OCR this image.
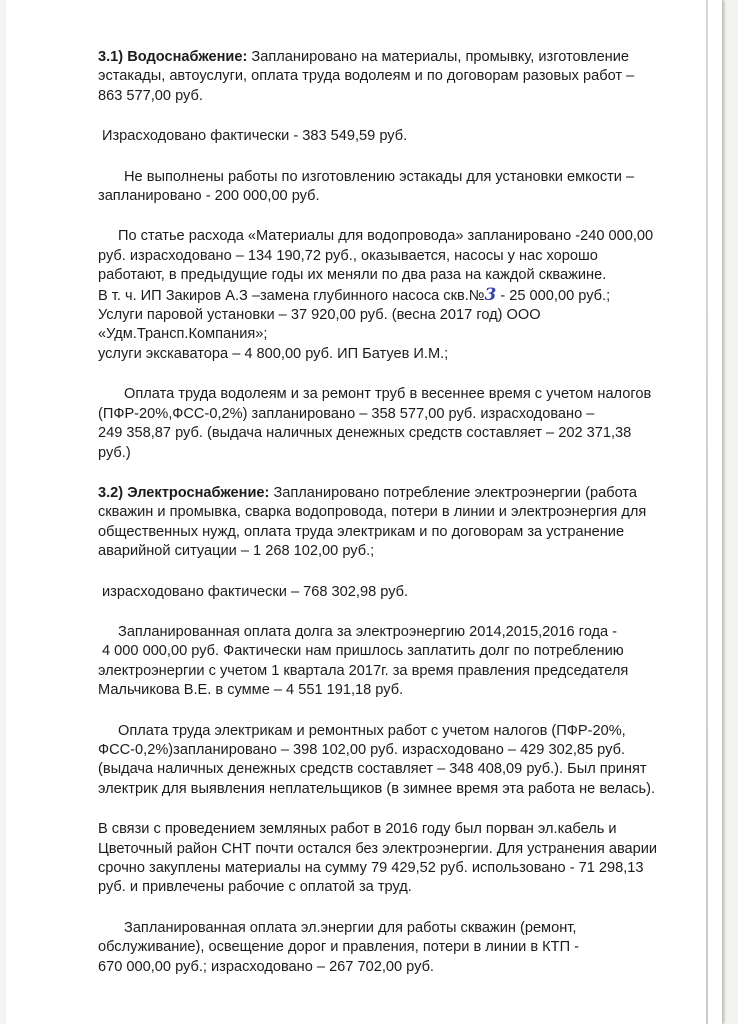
3.1) Водоснабжение: Запланировано на материалы, промывку, изготовление
эстакады, автоуслуги, оплата труда водолеям и по договорам разовых работ –
863 577,00 руб.

Израсходовано фактически - 383 549,59 руб.

Не выполнены работы по изготовлению эстакады для установки емкости –
запланировано - 200 000,00 руб.

По статье расхода «Материалы для водопровода» запланировано -240 000,00
руб. израсходовано – 134 190,72 руб., оказывается, насосы у нас хорошо
работают, в предыдущие годы их меняли по два раза на каждой скважине.
В т. ч. ИП Закиров А.З –замена глубинного насоса скв.№3 - 25 000,00 руб.;
Услуги паровой установки – 37 920,00 руб. (весна 2017 год) ООО
«Удм.Трансп.Компания»;
услуги экскаватора – 4 800,00 руб. ИП Батуев И.М.;

Оплата труда водолеям и за ремонт труб в весеннее время с учетом налогов
(ПФР-20%,ФСС-0,2%) запланировано – 358 577,00 руб. израсходовано –
249 358,87 руб. (выдача наличных денежных средств составляет – 202 371,38
руб.)

3.2) Электроснабжение: Запланировано потребление электроэнергии (работа
скважин и промывка, сварка водопровода, потери в линии и электроэнергия для
общественных нужд, оплата труда электрикам и по договорам за устранение
аварийной ситуации – 1 268 102,00 руб.;

израсходовано фактически – 768 302,98 руб.

Запланированная оплата долга за электроэнергию 2014,2015,2016 года -
4 000 000,00 руб. Фактически нам пришлось заплатить долг по потреблению
электроэнергии с учетом 1 квартала 2017г. за время правления председателя
Мальчикова В.Е. в сумме – 4 551 191,18 руб.

Оплата труда электрикам и ремонтных работ с учетом налогов (ПФР-20%,
ФСС-0,2%)запланировано – 398 102,00 руб. израсходовано – 429 302,85 руб.
(выдача наличных денежных средств составляет – 348 408,09 руб.). Был принят
электрик для выявления неплательщиков (в зимнее время эта работа не велась).

В связи с проведением земляных работ в 2016 году был порван эл.кабель и
Цветочный район СНТ почти остался без электроэнергии. Для устранения аварии
срочно закуплены материалы на сумму 79 429,52 руб. использовано - 71 298,13
руб. и привлечены рабочие с оплатой за труд.

Запланированная оплата эл.энергии для работы скважин (ремонт,
обслуживание), освещение дорог и правления, потери в линии в КТП -
670 000,00 руб.; израсходовано – 267 702,00 руб.
